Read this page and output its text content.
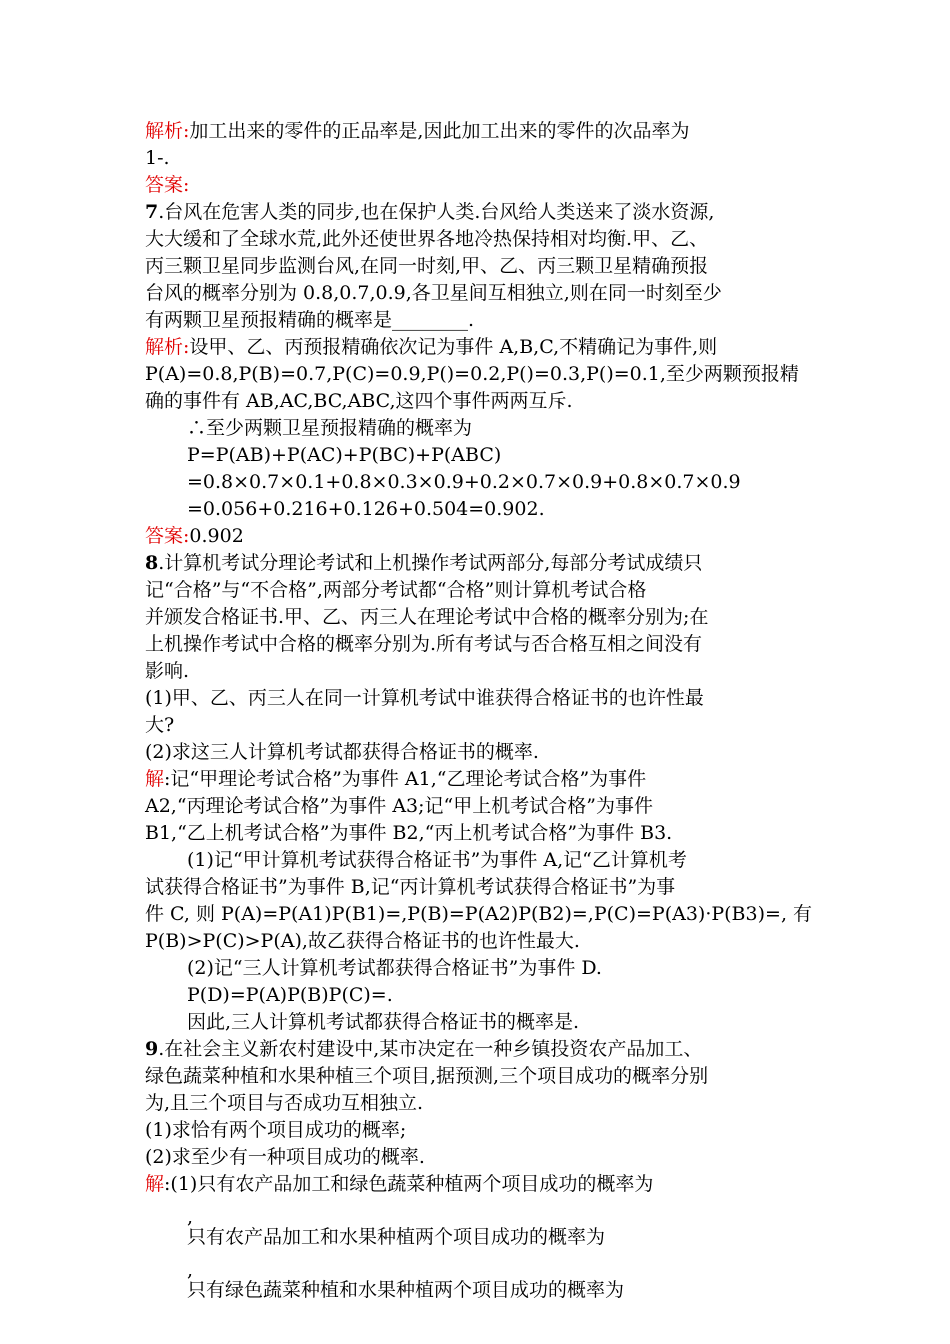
解析:加工出来的零件的正品率是,因此加工出来的零件的次品率为
1-.
答案:
7.台风在危害人类的同步,也在保护人类.台风给人类送来了淡水资源,
大大缓和了全球水荒,此外还使世界各地冷热保持相对均衡.甲、乙、
丙三颗卫星同步监测台风,在同一时刻,甲、乙、丙三颗卫星精确预报
台风的概率分别为 0.8,0.7,0.9,各卫星间互相独立,则在同一时刻至少
有两颗卫星预报精确的概率是________.
解析:设甲、乙、丙预报精确依次记为事件 A,B,C,不精确记为事件,则
P(A)=0.8,P(B)=0.7,P(C)=0.9,P()=0.2,P()=0.3,P()=0.1,至少两颗预报精
确的事件有 AB,AC,BC,ABC,这四个事件两两互斥.
∴至少两颗卫星预报精确的概率为
P=P(AB)+P(AC)+P(BC)+P(ABC)
=0.8×0.7×0.1+0.8×0.3×0.9+0.2×0.7×0.9+0.8×0.7×0.9
=0.056+0.216+0.126+0.504=0.902.
答案:0.902
8.计算机考试分理论考试和上机操作考试两部分,每部分考试成绩只
记“合格”与“不合格”,两部分考试都“合格”则计算机考试合格
并颁发合格证书.甲、乙、丙三人在理论考试中合格的概率分别为;在
上机操作考试中合格的概率分别为.所有考试与否合格互相之间没有
影响.
(1)甲、乙、丙三人在同一计算机考试中谁获得合格证书的也许性最
大?
(2)求这三人计算机考试都获得合格证书的概率.
解:记“甲理论考试合格”为事件 A1,“乙理论考试合格”为事件
A2,“丙理论考试合格”为事件 A3;记“甲上机考试合格”为事件
B1,“乙上机考试合格”为事件 B2,“丙上机考试合格”为事件 B3.
(1)记“甲计算机考试获得合格证书”为事件 A,记“乙计算机考
试获得合格证书”为事件 B,记“丙计算机考试获得合格证书”为事
件 C, 则 P(A)=P(A1)P(B1)=,P(B)=P(A2)P(B2)=,P(C)=P(A3)·P(B3)=, 有
P(B)>P(C)>P(A),故乙获得合格证书的也许性最大.
(2)记“三人计算机考试都获得合格证书”为事件 D.
P(D)=P(A)P(B)P(C)=.
因此,三人计算机考试都获得合格证书的概率是.
9.在社会主义新农村建设中,某市决定在一种乡镇投资农产品加工、
绿色蔬菜种植和水果种植三个项目,据预测,三个项目成功的概率分别
为,且三个项目与否成功互相独立.
(1)求恰有两个项目成功的概率;
(2)求至少有一种项目成功的概率.
解:(1)只有农产品加工和绿色蔬菜种植两个项目成功的概率为
,
只有农产品加工和水果种植两个项目成功的概率为
,
只有绿色蔬菜种植和水果种植两个项目成功的概率为
